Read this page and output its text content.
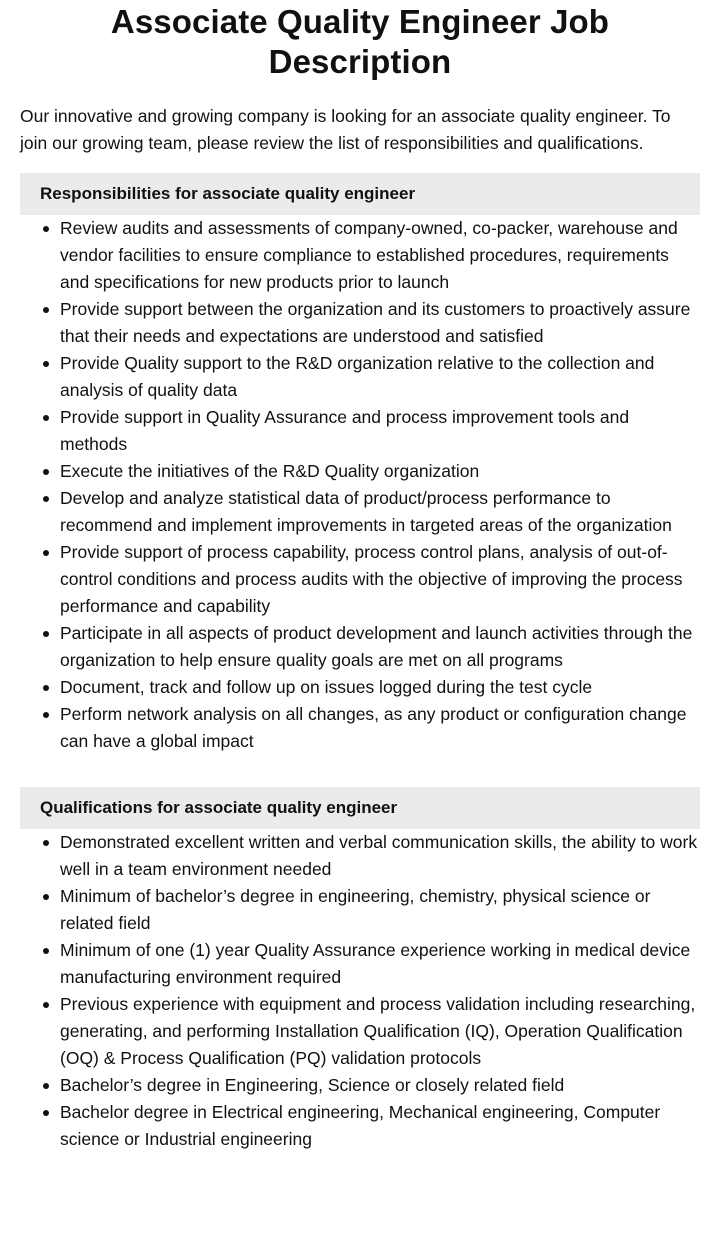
Associate Quality Engineer Job Description

Our innovative and growing company is looking for an associate quality engineer. To join our growing team, please review the list of responsibilities and qualifications.

Responsibilities for associate quality engineer
Review audits and assessments of company-owned, co-packer, warehouse and vendor facilities to ensure compliance to established procedures, requirements and specifications for new products prior to launch
Provide support between the organization and its customers to proactively assure that their needs and expectations are understood and satisfied
Provide Quality support to the R&D organization relative to the collection and analysis of quality data
Provide support in Quality Assurance and process improvement tools and methods
Execute the initiatives of the R&D Quality organization
Develop and analyze statistical data of product/process performance to recommend and implement improvements in targeted areas of the organization
Provide support of process capability, process control plans, analysis of out-of-control conditions and process audits with the objective of improving the process performance and capability
Participate in all aspects of product development and launch activities through the organization to help ensure quality goals are met on all programs
Document, track and follow up on issues logged during the test cycle
Perform network analysis on all changes, as any product or configuration change can have a global impact
Qualifications for associate quality engineer
Demonstrated excellent written and verbal communication skills, the ability to work well in a team environment needed
Minimum of bachelor’s degree in engineering, chemistry, physical science or related field
Minimum of one (1) year Quality Assurance experience working in medical device manufacturing environment required
Previous experience with equipment and process validation including researching, generating, and performing Installation Qualification (IQ), Operation Qualification (OQ) & Process Qualification (PQ) validation protocols
Bachelor’s degree in Engineering, Science or closely related field
Bachelor degree in Electrical engineering, Mechanical engineering, Computer science or Industrial engineering
